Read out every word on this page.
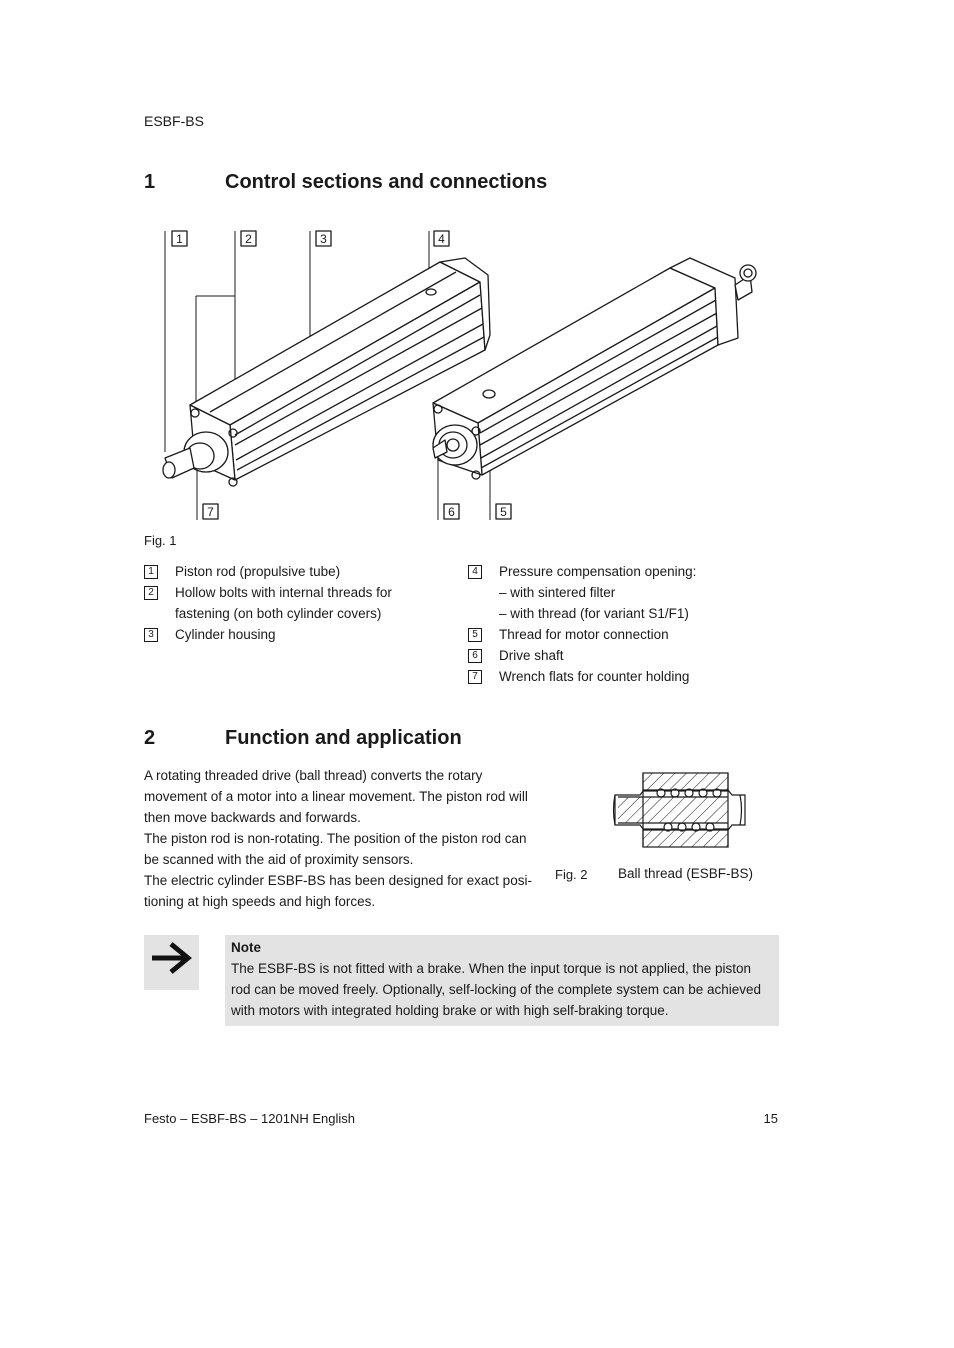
ESBF-BS
1	Control sections and connections
1	2	3	4
7	6	5
Fig. 1
1	Piston rod (propulsive tube)
2	Hollow bolts with internal threads for
fastening (on both cylinder covers)
3	Cylinder housing
4	Pressure compensation opening:
– with sintered filter
– with thread (for variant S1/F1)
5	Thread for motor connection
6	Drive shaft
7	Wrench flats for counter holding
2	Function and application

A rotating threaded drive (ball thread) converts the rotary movement of a motor into a linear movement. The piston rod will then move backwards and forwards.

The piston rod is non-rotating. The position of the piston rod can be scanned with the aid of proximity sensors.

The electric cylinder ESBF-BS has been designed for exact posi-tioning at high speeds and high forces.

Fig. 2 Ball thread (ESBF-BS)
Note
The ESBF-BS is not fitted with a brake. When the input torque is not applied, the piston rod can be moved freely. Optionally, self-locking of the complete system can be achieved with motors with integrated holding brake or with high self-braking torque.
Festo – ESBF-BS – 1201NH English	15
